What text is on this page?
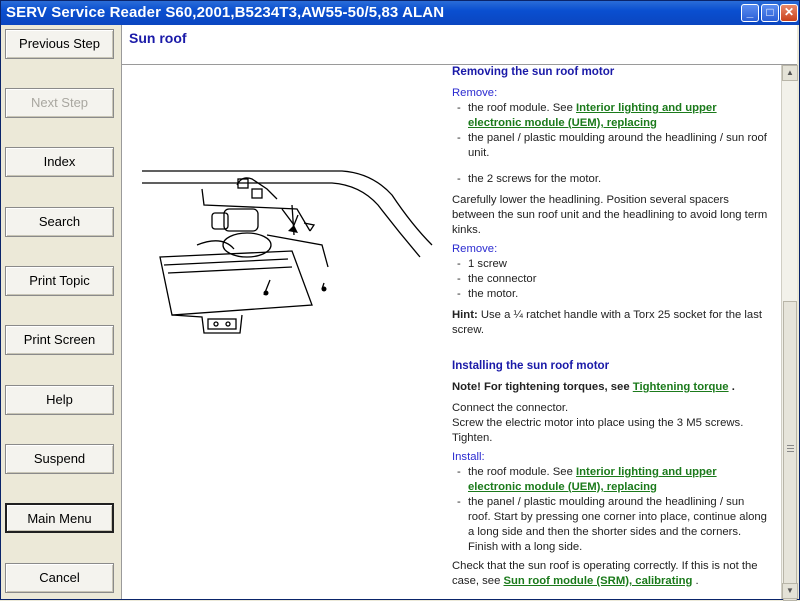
SERV Service Reader S60,2001,B5234T3,AW55-50/5,83 ALAN	_	□ ✕
Previous Step
Next Step
Index
Search
Print Topic
Print Screen
Help
Suspend
Main Menu
Cancel
Sun roof
Removing the sun roof motor
Remove:
- the roof module. See Interior lighting and upper electronic module (UEM), replacing
- the panel / plastic moulding around the headlining / sun roof unit.
- the 2 screws for the motor.
Carefully lower the headlining. Position several spacers between the sun roof unit and the headlining to avoid long term kinks.
Remove:
- 1 screw
- the connector
- the motor.
Hint: Use a ¼ ratchet handle with a Torx 25 socket for the last screw.
Installing the sun roof motor
Note! For tightening torques, see Tightening torque .
Connect the connector.
Screw the electric motor into place using the 3 M5 screws. Tighten.
Install:
- the roof module. See Interior lighting and upper electronic module (UEM), replacing
- the panel / plastic moulding around the headlining / sun roof. Start by pressing one corner into place, continue along a long side and then the shorter sides and the corners. Finish with a long side.
Check that the sun roof is operating correctly. If this is not the case, see Sun roof module (SRM), calibrating .
▲
▼
